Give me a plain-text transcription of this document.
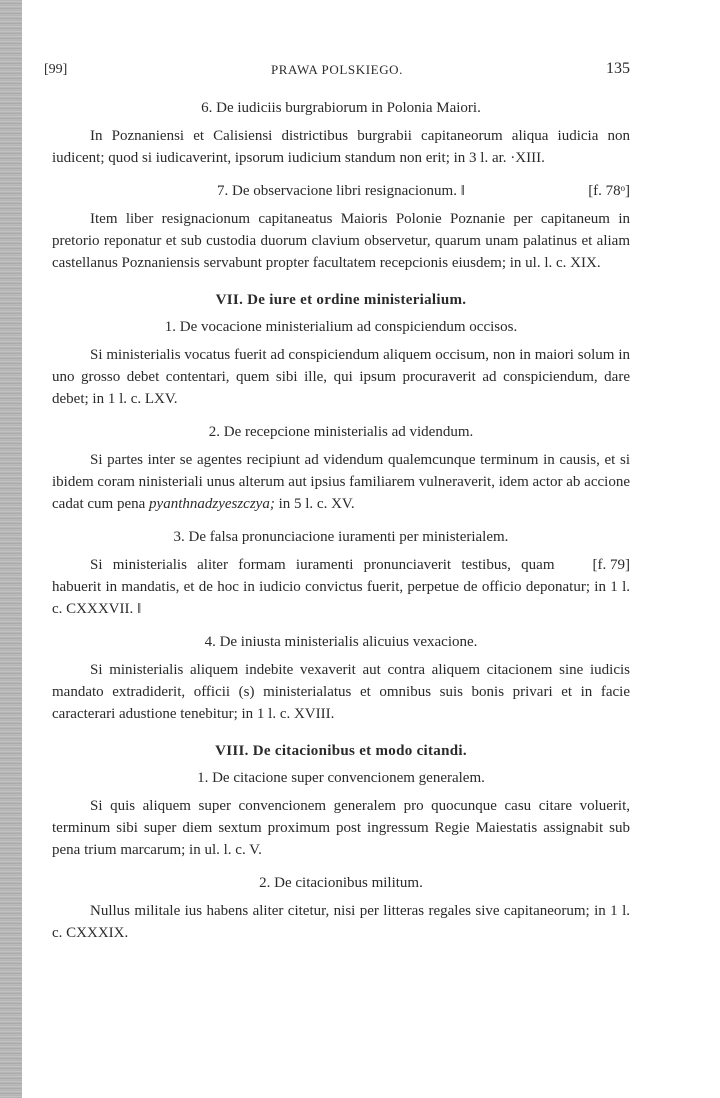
[99]	PRAWA POLSKIEGO.	135
6. De iudiciis burgrabiorum in Polonia Maiori.

In Poznaniensi et Calisiensi districtibus burgrabii capitaneorum aliqua iudicia non iudicent; quod si iudicaverint, ipsorum iudicium standum non erit; in 3 l. ar. ·XIII.

7. De observacione libri resignacionum. ‖	[f. 78ᵒ]

Item liber resignacionum capitaneatus Maioris Polonie Poznanie per capitaneum in pretorio reponatur et sub custodia duorum clavium observetur, quarum unam palatinus et aliam castellanus Poznaniensis servabunt propter facultatem recepcionis eiusdem; in ul. l. c. XIX.

VII. De iure et ordine ministerialium.
1. De vocacione ministerialium ad conspiciendum occisos.

Si ministerialis vocatus fuerit ad conspiciendum aliquem occisum, non in maiori solum in uno grosso debet contentari, quem sibi ille, qui ipsum procuraverit ad conspiciendum, dare debet; in 1 l. c. LXV.

2. De recepcione ministerialis ad videndum.

Si partes inter se agentes recipiunt ad videndum qualemcunque terminum in causis, et si ibidem coram ninisteriali unus alterum aut ipsius familiarem vulneraverit, idem actor ab accione cadat cum pena pyanthnadzyeszczya; in 5 l. c. XV.

3. De falsa pronunciacione iuramenti per ministerialem.

[f. 79]
Si ministerialis aliter formam iuramenti pronunciaverit testibus, quam habuerit in mandatis, et de hoc in iudicio convictus fuerit, perpetue de officio deponatur; in 1 l. c. CXXXVII. ‖

4. De iniusta ministerialis alicuius vexacione.

Si ministerialis aliquem indebite vexaverit aut contra aliquem citacionem sine iudicis mandato extradiderit, officii (s) ministerialatus et omnibus suis bonis privari et in facie caracterari adustione tenebitur; in 1 l. c. XVIII.

VIII. De citacionibus et modo citandi.
1. De citacione super convencionem generalem.

Si quis aliquem super convencionem generalem pro quocunque casu citare voluerit, terminum sibi super diem sextum proximum post ingressum Regie Maiestatis assignabit sub pena trium marcarum; in ul. l. c. V.

2. De citacionibus militum.

Nullus militale ius habens aliter citetur, nisi per litteras regales sive capitaneorum; in 1 l. c. CXXXIX.
